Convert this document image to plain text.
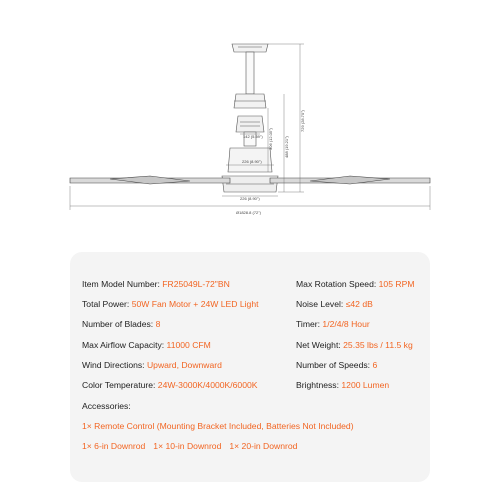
Ø1828.8 (72")
226 (8.90")
226 (8.90")
142 (5.59") 306 (12.05")	488 (19.21")
729 (28.70")
Item Model Number: FR25049L-72"BN
Total Power: 50W Fan Motor + 24W LED Light
Number of Blades: 8
Max Airflow Capacity: 11000 CFM
Wind Directions: Upward, Downward
Color Temperature: 24W-3000K/4000K/6000K
Max Rotation Speed: 105 RPM
Noise Level: ≤42 dB
Timer: 1/2/4/8 Hour
Net Weight: 25.35 lbs / 11.5 kg
Number of Speeds: 6
Brightness: 1200 Lumen
Accessories:
1× Remote Control (Mounting Bracket Included, Batteries Not Included)
1× 6-in Downrod 1× 10-in Downrod 1× 20-in Downrod
